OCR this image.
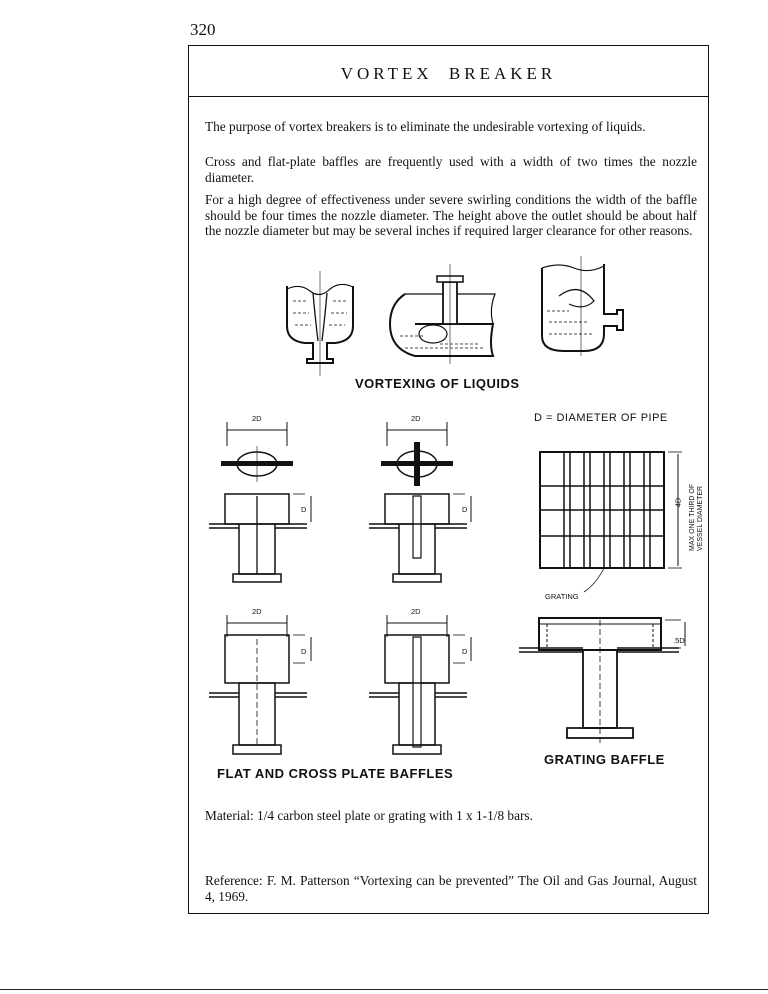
320
VORTEX BREAKER
The purpose of vortex breakers is to eliminate the undesirable vortexing of liquids.
Cross and flat-plate baffles are frequently used with a width of two times the nozzle diameter.
For a high degree of effectiveness under severe swirling conditions the width of the baffle should be four times the nozzle diameter. The height above the outlet should be about half the nozzle diameter but may be several inches if required larger clearance for other reasons.
VORTEXING OF LIQUIDS
D = DIAMETER OF PIPE
2D
D
2D
D
4D MAX ONE THIRD OF VESSEL DIAMETER
GRATING
2D
D
2D
D
.5D
GRATING BAFFLE
FLAT AND CROSS PLATE BAFFLES
Material: 1/4 carbon steel plate or grating with 1 x 1-1/8 bars.
Reference: F. M. Patterson “Vortexing can be prevented” The Oil and Gas Journal, August 4, 1969.
